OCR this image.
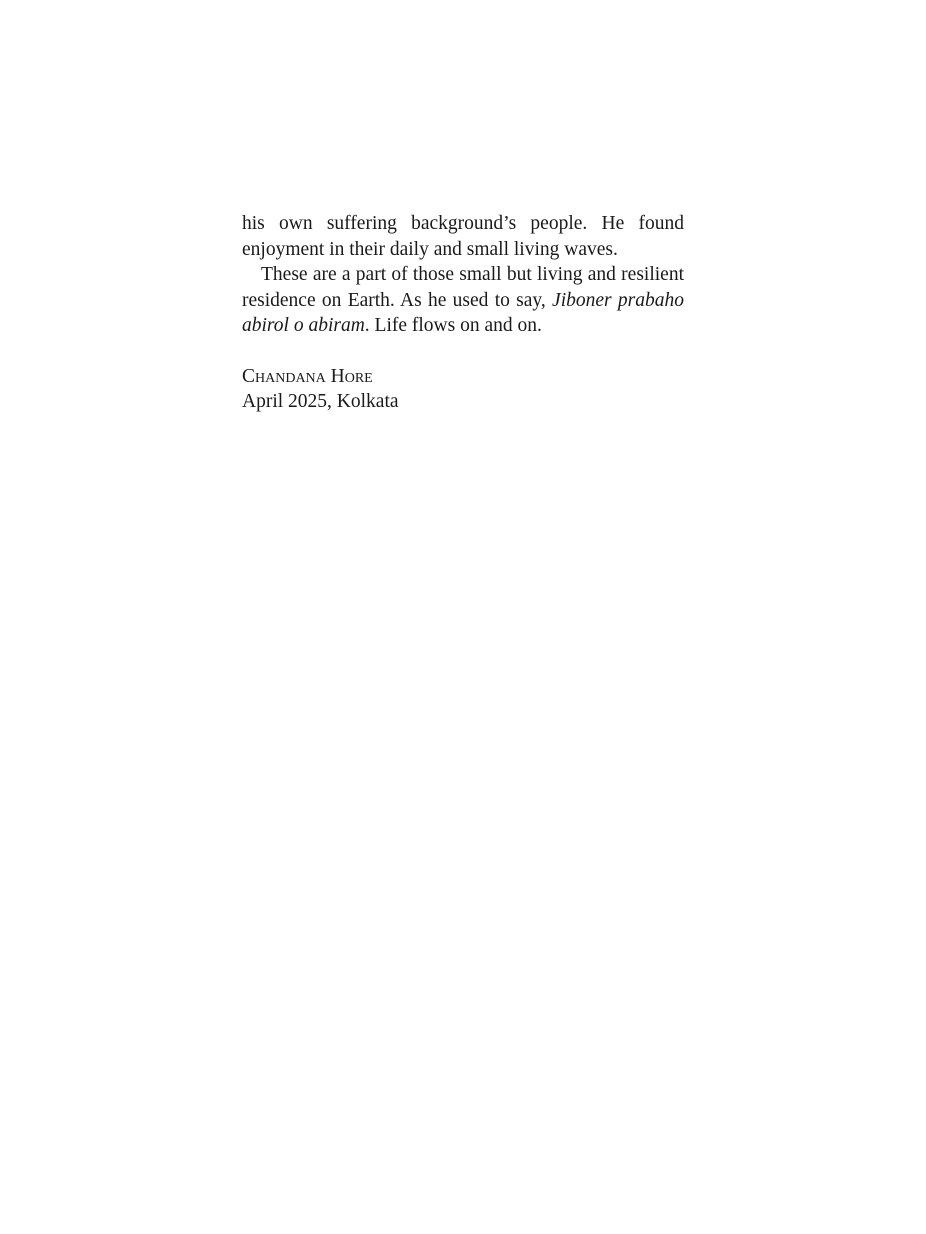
his own suffering background’s people. He found enjoyment in their daily and small living waves.

These are a part of those small but living and resilient residence on Earth. As he used to say, Jiboner prabaho abirol o abiram. Life flows on and on.

Chandana Hore
April 2025, Kolkata
